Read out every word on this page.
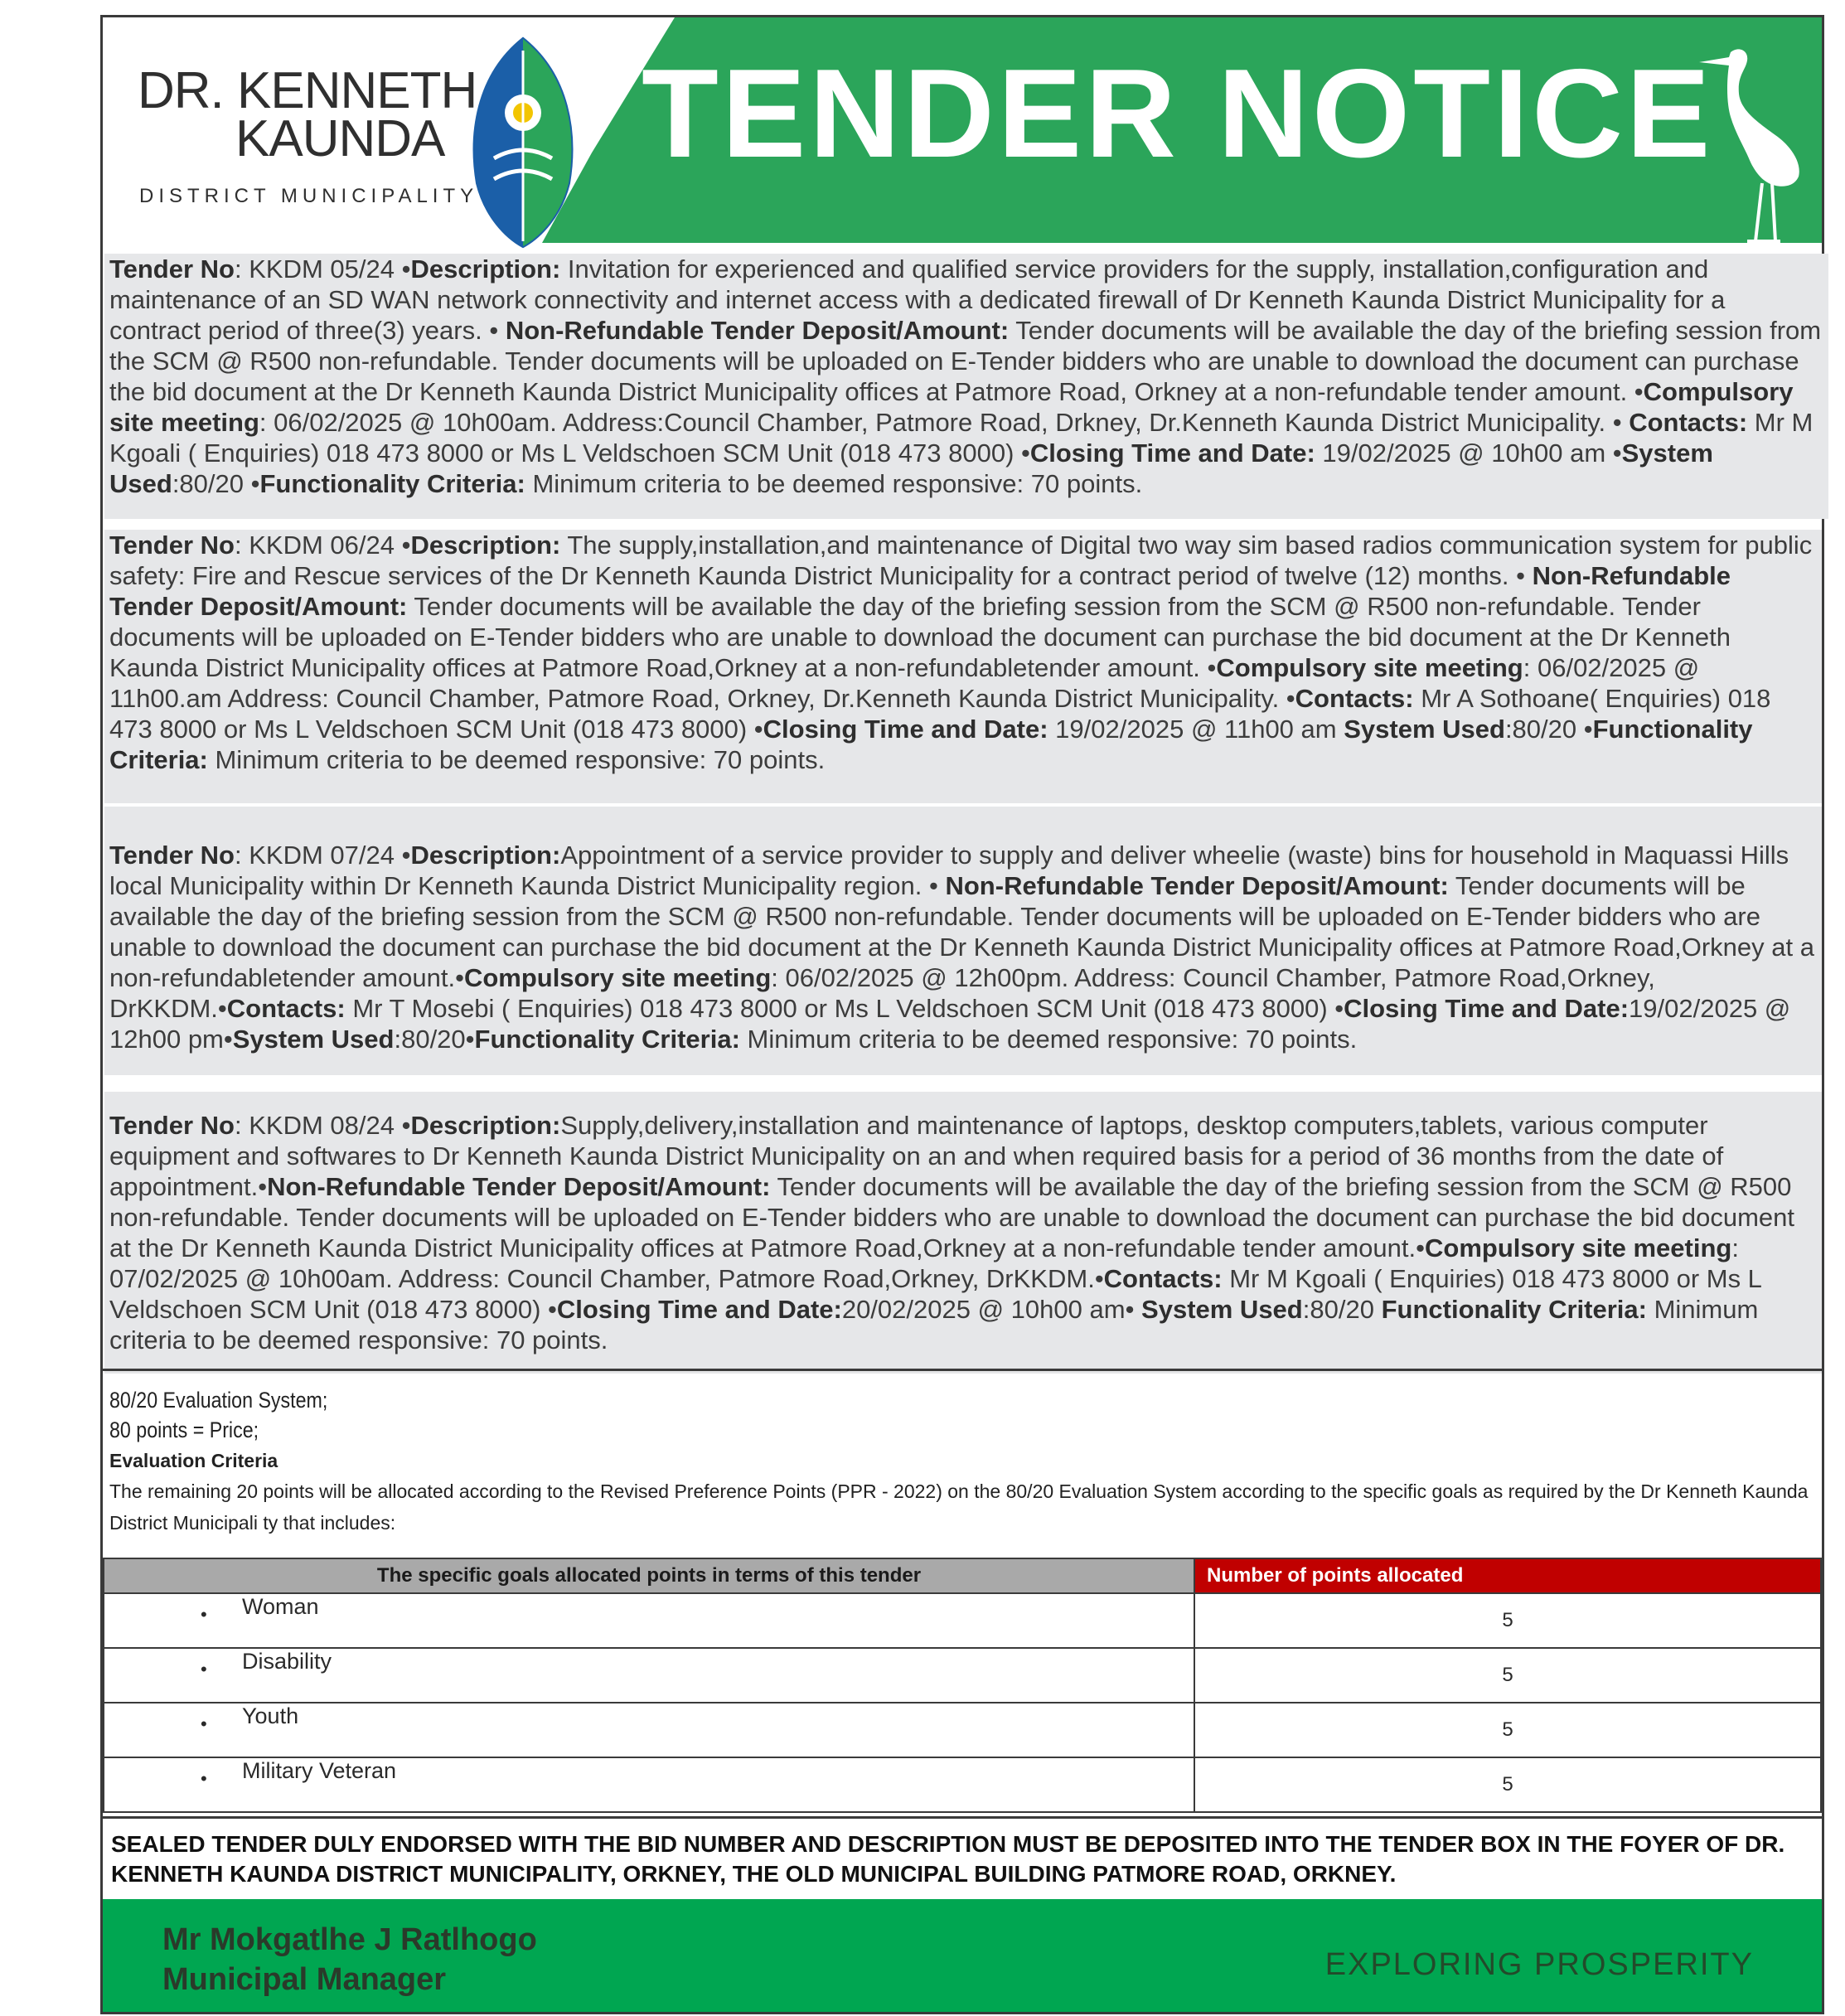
DR. KENNETH
KAUNDA
DISTRICT MUNICIPALITY
TENDER NOTICE
Tender No: KKDM 05/24 •Description: Invitation for experienced and qualified service providers for the supply, installation,configuration and maintenance of an SD WAN network connectivity and internet access with a dedicated firewall of Dr Kenneth Kaunda District Municipality for a contract period of three(3) years. • Non-Refundable Tender Deposit/Amount: Tender documents will be available the day of the briefing session from the SCM @ R500 non-refundable. Tender documents will be uploaded on E-Tender bidders who are unable to download the document can purchase the bid document at the Dr Kenneth Kaunda District Municipality offices at Patmore Road, Orkney at a non-refundable tender amount. •Compulsory site meeting: 06/02/2025 @ 10h00am. Address:Council Chamber, Patmore Road, Drkney, Dr.Kenneth Kaunda District Municipality. • Contacts: Mr M Kgoali ( Enquiries) 018 473 8000 or Ms L Veldschoen SCM Unit (018 473 8000) •Closing Time and Date: 19/02/2025 @ 10h00 am •System Used:80/20 •Functionality Criteria: Minimum criteria to be deemed responsive: 70 points.
Tender No: KKDM 06/24 •Description: The supply,installation,and maintenance of Digital two way sim based radios communication system for public safety: Fire and Rescue services of the Dr Kenneth Kaunda District Municipality for a contract period of twelve (12) months. • Non-Refundable Tender Deposit/Amount: Tender documents will be available the day of the briefing session from the SCM @ R500 non-refundable. Tender documents will be uploaded on E-Tender bidders who are unable to download the document can purchase the bid document at the Dr Kenneth Kaunda District Municipality offices at Patmore Road,Orkney at a non-refundabletender amount. •Compulsory site meeting: 06/02/2025 @ 11h00.am Address: Council Chamber, Patmore Road, Orkney, Dr.Kenneth Kaunda District Municipality. •Contacts: Mr A Sothoane( Enquiries) 018 473 8000 or Ms L Veldschoen SCM Unit (018 473 8000) •Closing Time and Date: 19/02/2025 @ 11h00 am System Used:80/20 •Functionality Criteria: Minimum criteria to be deemed responsive: 70 points.
Tender No: KKDM 07/24 •Description:Appointment of a service provider to supply and deliver wheelie (waste) bins for household in Maquassi Hills local Municipality within Dr Kenneth Kaunda District Municipality region. • Non-Refundable Tender Deposit/Amount: Tender documents will be available the day of the briefing session from the SCM @ R500 non-refundable. Tender documents will be uploaded on E-Tender bidders who are unable to download the document can purchase the bid document at the Dr Kenneth Kaunda District Municipality offices at Patmore Road,Orkney at a non-refundabletender amount.•Compulsory site meeting: 06/02/2025 @ 12h00pm. Address: Council Chamber, Patmore Road,Orkney, DrKKDM.•Contacts: Mr T Mosebi ( Enquiries) 018 473 8000 or Ms L Veldschoen SCM Unit (018 473 8000) •Closing Time and Date:19/02/2025 @ 12h00 pm•System Used:80/20•Functionality Criteria: Minimum criteria to be deemed responsive: 70 points.
Tender No: KKDM 08/24 •Description:Supply,delivery,installation and maintenance of laptops, desktop computers,tablets, various computer equipment and softwares to Dr Kenneth Kaunda District Municipality on an and when required basis for a period of 36 months from the date of appointment.•Non-Refundable Tender Deposit/Amount: Tender documents will be available the day of the briefing session from the SCM @ R500 non-refundable. Tender documents will be uploaded on E-Tender bidders who are unable to download the document can purchase the bid document at the Dr Kenneth Kaunda District Municipality offices at Patmore Road,Orkney at a non-refundable tender amount.•Compulsory site meeting: 07/02/2025 @ 10h00am. Address: Council Chamber, Patmore Road,Orkney, DrKKDM.•Contacts: Mr M Kgoali ( Enquiries) 018 473 8000 or Ms L Veldschoen SCM Unit (018 473 8000) •Closing Time and Date:20/02/2025 @ 10h00 am• System Used:80/20 Functionality Criteria: Minimum criteria to be deemed responsive: 70 points.
80/20 Evaluation System;
80 points = Price;
Evaluation Criteria
The remaining 20 points will be allocated according to the Revised Preference Points (PPR - 2022) on the 80/20 Evaluation System according to the specific goals as required by the Dr Kenneth Kaunda District Municipali ty that includes:
The specific goals allocated points in terms of this tender	Number of points allocated

• Woman	5

• Disability	5

• Youth	5

• Military Veteran	5
SEALED TENDER DULY ENDORSED WITH THE BID NUMBER AND DESCRIPTION MUST BE DEPOSITED INTO THE TENDER BOX IN THE FOYER OF DR. KENNETH KAUNDA DISTRICT MUNICIPALITY, ORKNEY, THE OLD MUNICIPAL BUILDING PATMORE ROAD, ORKNEY.
Mr Mokgatlhe J Ratlhogo
Municipal Manager	EXPLORING PROSPERITY
